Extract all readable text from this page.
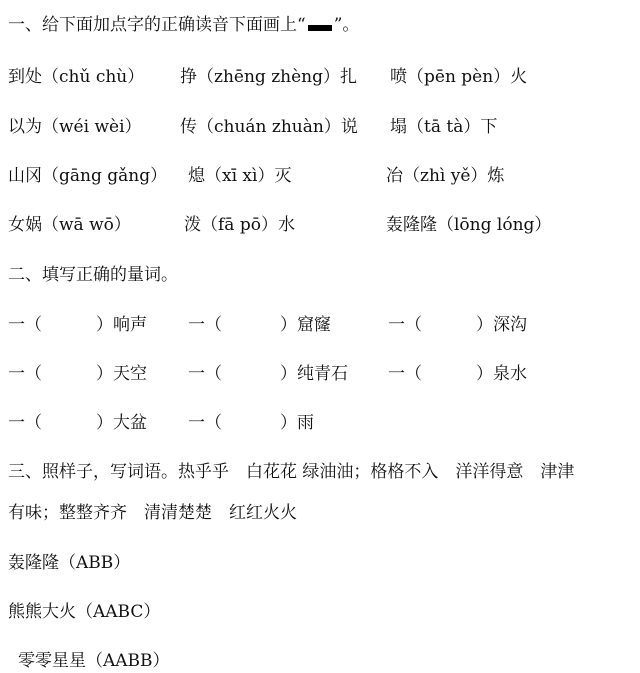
一、给下面加点字的正确读音下面画上“ ”。
到处（chǔ chù） 挣（zhēng zhèng）扎 喷（pēn pèn）火
以为（wéi wèi） 传（chuán zhuàn）说 塌（tā tà）下
山冈（gāng gǎng） 熄（xī xì）灭	冶（zhì yě）炼
女娲（wā wō）	泼（fā pō）水	轰隆隆（lōng lóng）
二、填写正确的量词。
一（	）响声 一（	）窟窿	一（	）深沟
一（	）天空 一（	）纯青石 一（	）泉水
一（	）大盆 一（	）雨
三、照样子，写词语。热乎乎　白花花 绿油油；格格不入　洋洋得意　津津
有味；整整齐齐　清清楚楚　红红火火
轰隆隆（ABB）
熊熊大火（AABC）
零零星星（AABB）
